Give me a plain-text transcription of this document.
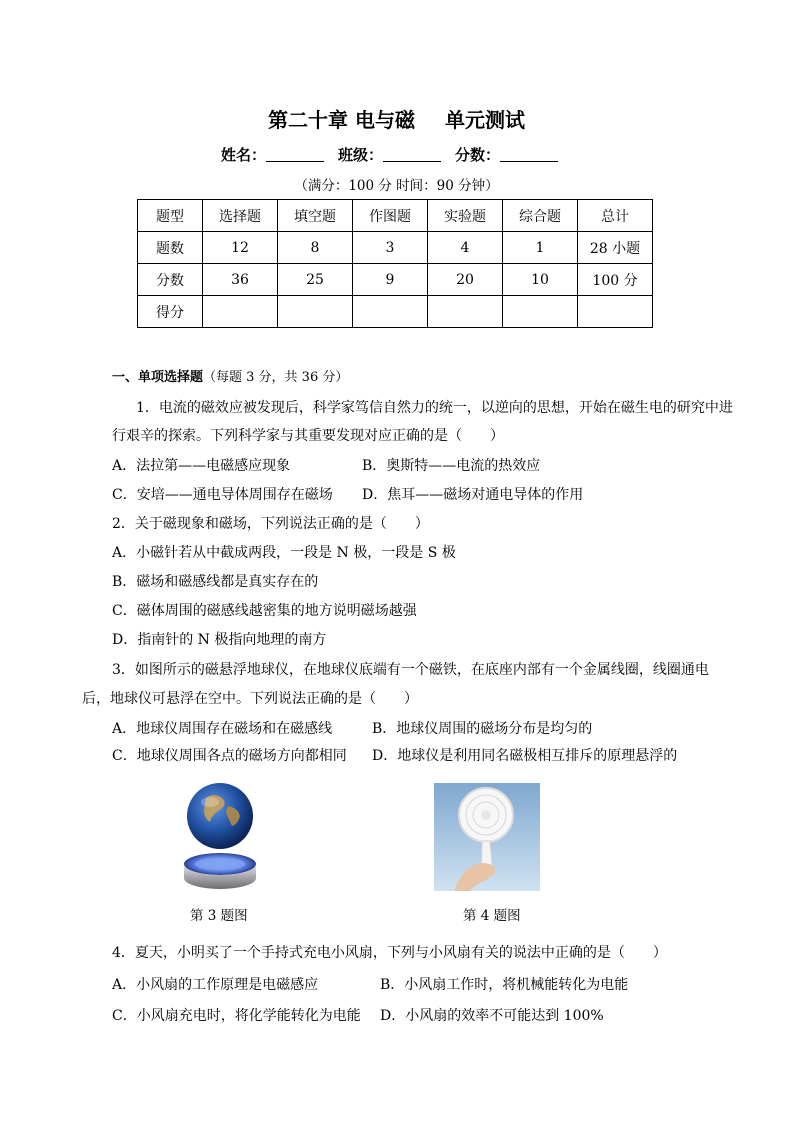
第二十章 电与磁 单元测试
姓名：	班级：	分数：
（满分：100 分 时间：90 分钟）
题型	选择题	填空题	作图题	实验题	综合题	总计
题数	12	8	3	4	1	28 小题
分数	36	25	9	20	10	100 分
得分						
一、单项选择题（每题 3 分，共 36 分）
1．电流的磁效应被发现后，科学家笃信自然力的统一，以逆向的思想，开始在磁生电的研究中进
行艰辛的探索。下列科学家与其重要发现对应正确的是（　　）
A．法拉第——电磁感应现象	B．奥斯特——电流的热效应
C．安培——通电导体周围存在磁场 D．焦耳——磁场对通电导体的作用
2．关于磁现象和磁场，下列说法正确的是（　　）
A．小磁针若从中截成两段，一段是 N 极，一段是 S 极
B．磁场和磁感线都是真实存在的
C．磁体周围的磁感线越密集的地方说明磁场越强
D．指南针的 N 极指向地理的南方
3．如图所示的磁悬浮地球仪，在地球仪底端有一个磁铁，在底座内部有一个金属线圈，线圈通电
后，地球仪可悬浮在空中。下列说法正确的是（　　）
A．地球仪周围存在磁场和在磁感线	B．地球仪周围的磁场分布是均匀的
C．地球仪周围各点的磁场方向都相同 D．地球仪是利用同名磁极相互排斥的原理悬浮的
第 3 题图	第 4 题图
4．夏天，小明买了一个手持式充电小风扇，下列与小风扇有关的说法中正确的是（　　）
A．小风扇的工作原理是电磁感应	B．小风扇工作时，将机械能转化为电能
C．小风扇充电时，将化学能转化为电能 D．小风扇的效率不可能达到 100%
